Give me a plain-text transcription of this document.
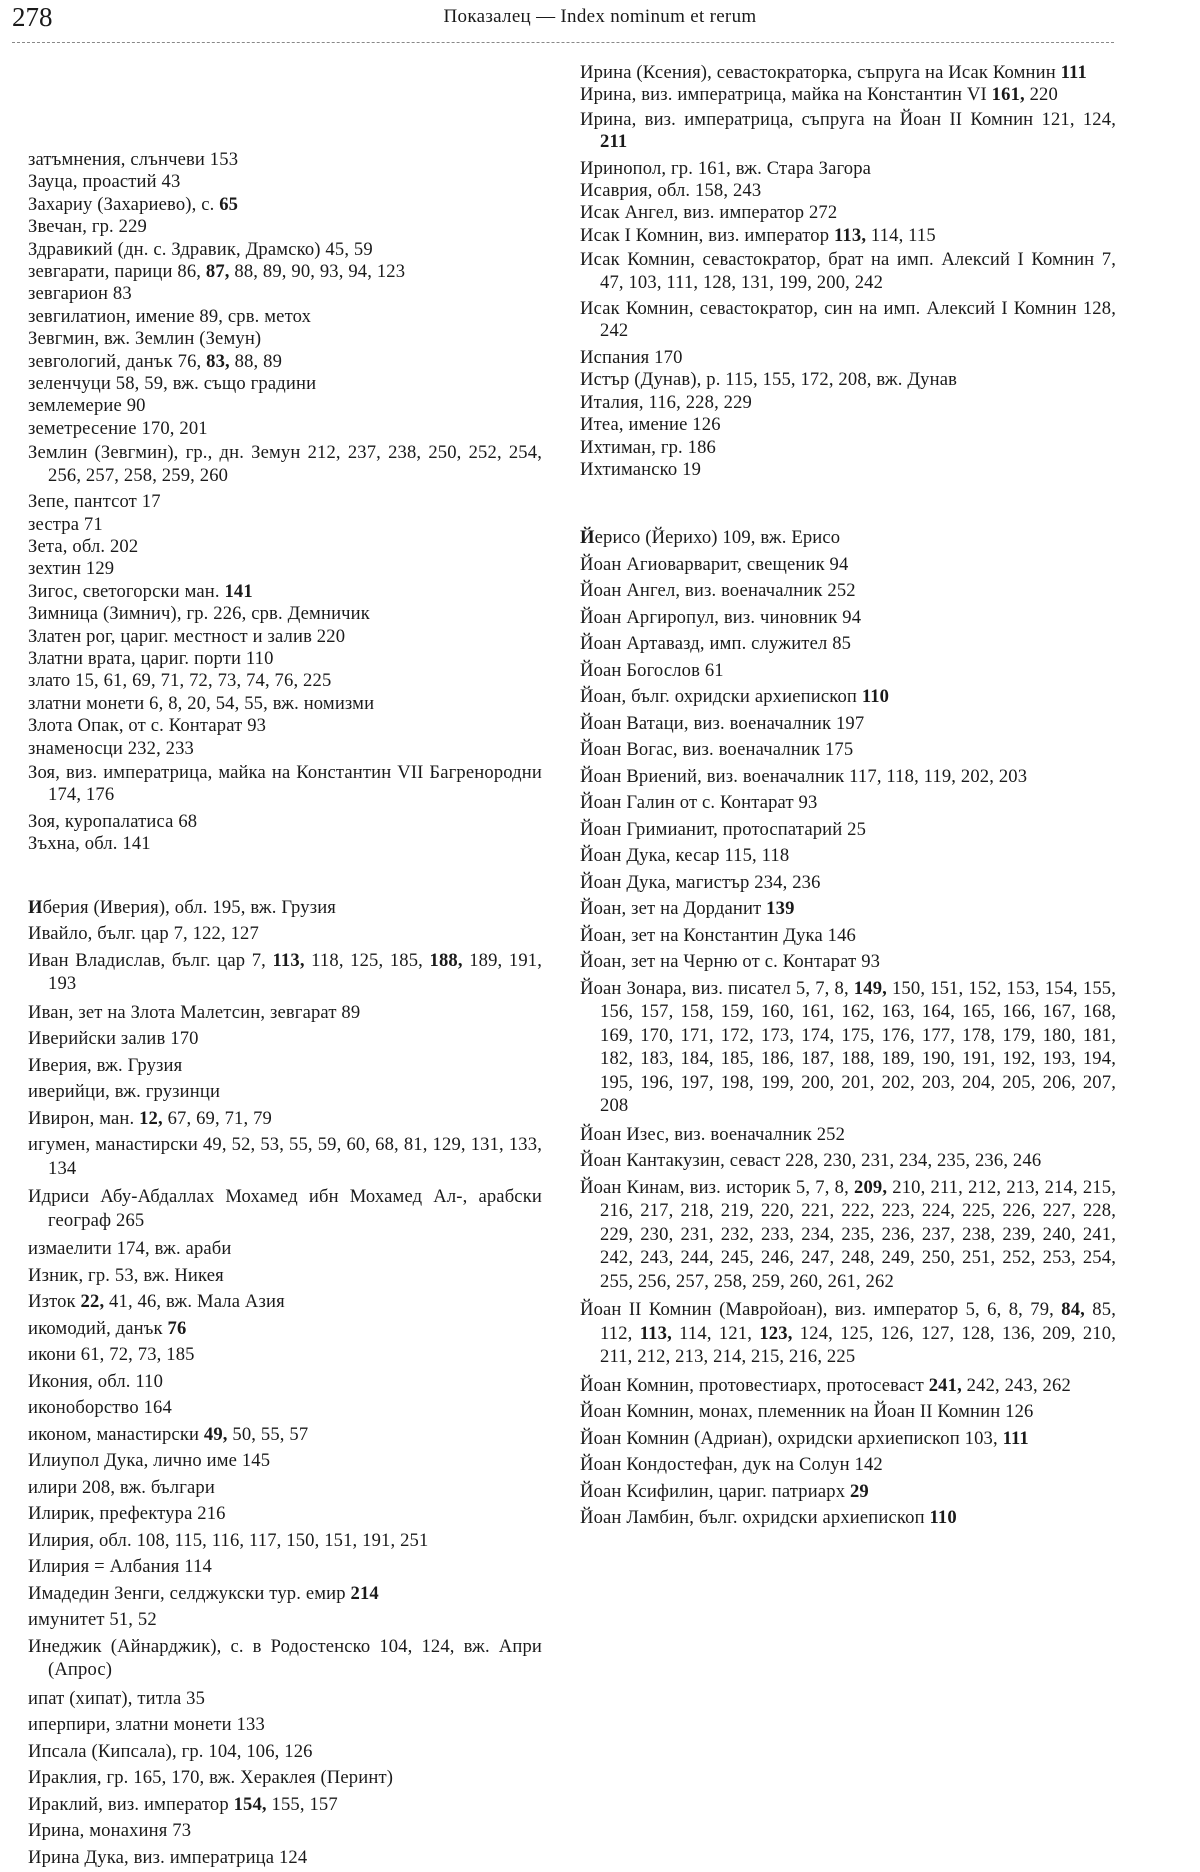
278	Показалец — Index nominum et rerum
затъмнения, слънчеви 153
Зауца, проастий 43
Захариу (Захариево), с. 65
Звечан, гр. 229
Здравикий (дн. с. Здравик, Драмско) 45, 59
зевгарати, парици 86, 87, 88, 89, 90, 93, 94, 123
зевгарион 83
зевгилатион, имение 89, срв. метох
Зевгмин, вж. Землин (Земун)
зевгологий, данък 76, 83, 88, 89
зеленчуци 58, 59, вж. също градини
землемерие 90
земетресение 170, 201
Землин (Зевгмин), гр., дн. Земун 212, 237, 238, 250, 252, 254, 256, 257, 258, 259, 260
Зепе, пантсот 17
зестра 71
Зета, обл. 202
зехтин 129
Зигос, светогорски ман. 141
Зимница (Зимнич), гр. 226, срв. Демничик
Златен рог, цариг. местност и залив 220
Златни врата, цариг. порти 110
злато 15, 61, 69, 71, 72, 73, 74, 76, 225
златни монети 6, 8, 20, 54, 55, вж. номизми
Злота Опак, от с. Контарат 93
знаменосци 232, 233
Зоя, виз. императрица, майка на Константин VII Багренородни 174, 176
Зоя, куропалатиса 68
Зъхна, обл. 141
Иберия (Иверия), обл. 195, вж. Грузия
Ивайло, бълг. цар 7, 122, 127
Иван Владислав, бълг. цар 7, 113, 118, 125, 185, 188, 189, 191, 193
Иван, зет на Злота Малетсин, зевгарат 89
Иверийски залив 170
Иверия, вж. Грузия
иверийци, вж. грузинци
Ивирон, ман. 12, 67, 69, 71, 79
игумен, манастирски 49, 52, 53, 55, 59, 60, 68, 81, 129, 131, 133, 134
Идриси Абу-Абдаллах Мохамед ибн Мохамед Ал-, арабски географ 265
измаелити 174, вж. араби
Изник, гр. 53, вж. Никея
Изток 22, 41, 46, вж. Мала Азия
икомодий, данък 76
икони 61, 72, 73, 185
Икония, обл. 110
иконоборство 164
иконом, манастирски 49, 50, 55, 57
Илиупол Дука, лично име 145
илири 208, вж. българи
Илирик, префектура 216
Илирия, обл. 108, 115, 116, 117, 150, 151, 191, 251
Илирия = Албания 114
Имадедин Зенги, селджукски тур. емир 214
имунитет 51, 52
Инеджик (Айнарджик), с. в Родостенско 104, 124, вж. Апри (Апрос)
ипат (хипат), титла 35
иперпири, златни монети 133
Ипсала (Кипсала), гр. 104, 106, 126
Ираклия, гр. 165, 170, вж. Хераклея (Перинт)
Ираклий, виз. император 154, 155, 157
Ирина, монахиня 73
Ирина Дука, виз. императрица 124
Ирина (Ксения), севастократорка, съпруга на Исак Комнин 111
Ирина, виз. императрица, майка на Константин VI 161, 220
Ирина, виз. императрица, съпруга на Йоан II Комнин 121, 124, 211
Иринопол, гр. 161, вж. Стара Загора
Исаврия, обл. 158, 243
Исак Ангел, виз. император 272
Исак I Комнин, виз. император 113, 114, 115
Исак Комнин, севастократор, брат на имп. Алексий I Комнин 7, 47, 103, 111, 128, 131, 199, 200, 242
Исак Комнин, севастократор, син на имп. Алексий I Комнин 128, 242
Испания 170
Истър (Дунав), р. 115, 155, 172, 208, вж. Дунав
Италия, 116, 228, 229
Итеа, имение 126
Ихтиман, гр. 186
Ихтиманско 19
Йерисо (Йерихо) 109, вж. Ерисо
Йоан Агиоварварит, свещеник 94
Йоан Ангел, виз. военачалник 252
Йоан Аргиропул, виз. чиновник 94
Йоан Артавазд, имп. служител 85
Йоан Богослов 61
Йоан, бълг. охридски архиепископ 110
Йоан Ватаци, виз. военачалник 197
Йоан Вогас, виз. военачалник 175
Йоан Вриений, виз. военачалник 117, 118, 119, 202, 203
Йоан Галин от с. Контарат 93
Йоан Гримианит, протоспатарий 25
Йоан Дука, кесар 115, 118
Йоан Дука, магистър 234, 236
Йоан, зет на Дорданит 139
Йоан, зет на Константин Дука 146
Йоан, зет на Черню от с. Контарат 93
Йоан Зонара, виз. писател 5, 7, 8, 149, 150, 151, 152, 153, 154, 155, 156, 157, 158, 159, 160, 161, 162, 163, 164, 165, 166, 167, 168, 169, 170, 171, 172, 173, 174, 175, 176, 177, 178, 179, 180, 181, 182, 183, 184, 185, 186, 187, 188, 189, 190, 191, 192, 193, 194, 195, 196, 197, 198, 199, 200, 201, 202, 203, 204, 205, 206, 207, 208
Йоан Изес, виз. военачалник 252
Йоан Кантакузин, севаст 228, 230, 231, 234, 235, 236, 246
Йоан Кинам, виз. историк 5, 7, 8, 209, 210, 211, 212, 213, 214, 215, 216, 217, 218, 219, 220, 221, 222, 223, 224, 225, 226, 227, 228, 229, 230, 231, 232, 233, 234, 235, 236, 237, 238, 239, 240, 241, 242, 243, 244, 245, 246, 247, 248, 249, 250, 251, 252, 253, 254, 255, 256, 257, 258, 259, 260, 261, 262
Йоан II Комнин (Мавройоан), виз. император 5, 6, 8, 79, 84, 85, 112, 113, 114, 121, 123, 124, 125, 126, 127, 128, 136, 209, 210, 211, 212, 213, 214, 215, 216, 225
Йоан Комнин, протовестиарх, протосеваст 241, 242, 243, 262
Йоан Комнин, монах, племенник на Йоан II Комнин 126
Йоан Комнин (Адриан), охридски архиепископ 103, 111
Йоан Кондостефан, дук на Солун 142
Йоан Ксифилин, цариг. патриарх 29
Йоан Ламбин, бълг. охридски архиепископ 110
